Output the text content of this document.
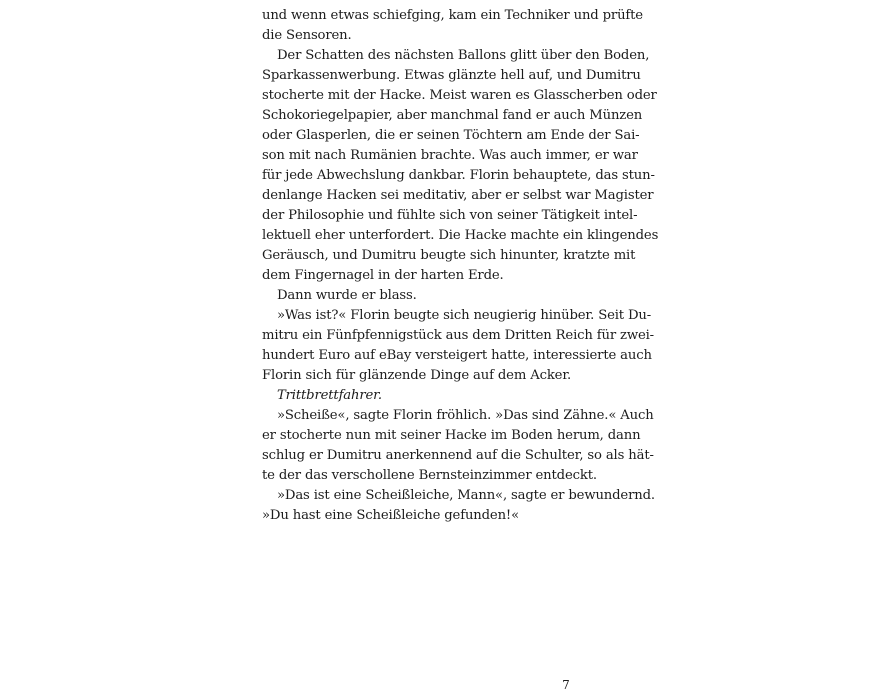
und wenn etwas schiefging, kam ein Techniker und prüfte
die Sensoren.
Der Schatten des nächsten Ballons glitt über den Boden,
Sparkassenwerbung. Etwas glänzte hell auf, und Dumitru
stocherte mit der Hacke. Meist waren es Glasscherben oder
Schokoriegelpapier, aber manchmal fand er auch Münzen
oder Glasperlen, die er seinen Töchtern am Ende der Sai-
son mit nach Rumänien brachte. Was auch immer, er war
für jede Abwechslung dankbar. Florin behauptete, das stun-
denlange Hacken sei meditativ, aber er selbst war Magister
der Philosophie und fühlte sich von seiner Tätigkeit intel-
lektuell eher unterfordert. Die Hacke machte ein klingendes
Geräusch, und Dumitru beugte sich hinunter, kratzte mit
dem Fingernagel in der harten Erde.
Dann wurde er blass.
»Was ist?« Florin beugte sich neugierig hinüber. Seit Du-
mitru ein Fünfpfennigstück aus dem Dritten Reich für zwei-
hundert Euro auf eBay versteigert hatte, interessierte auch
Florin sich für glänzende Dinge auf dem Acker.
Trittbrettfahrer.
»Scheiße«, sagte Florin fröhlich. »Das sind Zähne.« Auch
er stocherte nun mit seiner Hacke im Boden herum, dann
schlug er Dumitru anerkennend auf die Schulter, so als hät-
te der das verschollene Bernsteinzimmer entdeckt.
»Das ist eine Scheißleiche, Mann«, sagte er bewundernd.
»Du hast eine Scheißleiche gefunden!«
7
